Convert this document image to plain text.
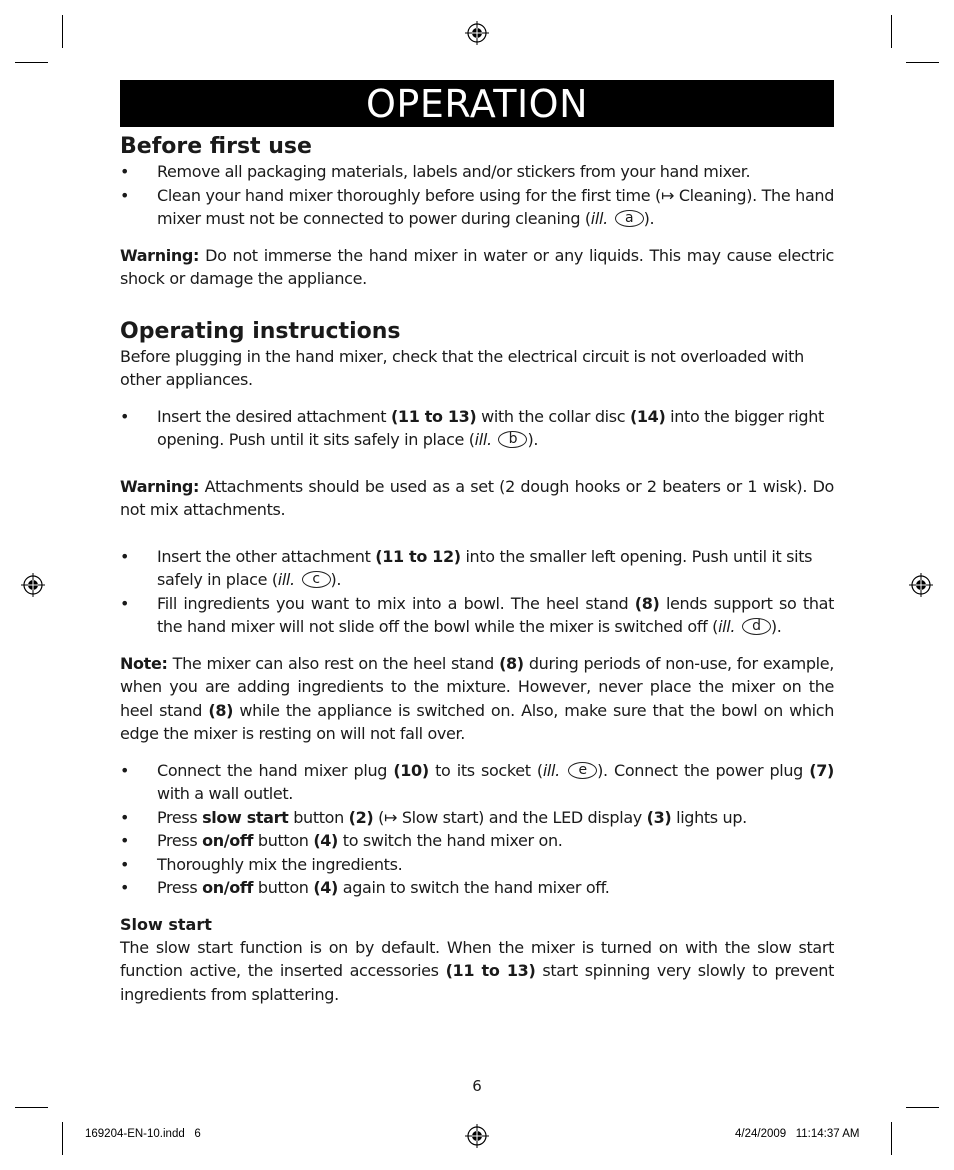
OPERATION
Before first use
• Remove all packaging materials, labels and/or stickers from your hand mixer.
• Clean your hand mixer thoroughly before using for the first time (↦ Cleaning). The hand mixer must not be connected to power during cleaning (ill. a ).

Warning: Do not immerse the hand mixer in water or any liquids. This may cause electric shock or damage the appliance.

Operating instructions

Before plugging in the hand mixer, check that the electrical circuit is not overloaded with other appliances.

• Insert the desired attachment (11 to 13) with the collar disc (14) into the bigger right opening. Push until it sits safely in place (ill. b ).

Warning: Attachments should be used as a set (2 dough hooks or 2 beaters or 1 wisk). Do not mix attachments.

• Insert the other attachment (11 to 12) into the smaller left opening. Push until it sits safely in place (ill. c ).
• Fill ingredients you want to mix into a bowl. The heel stand (8) lends support so that the hand mixer will not slide off the bowl while the mixer is switched off (ill. d ).

Note: The mixer can also rest on the heel stand (8) during periods of non-use, for example, when you are adding ingredients to the mixture. However, never place the mixer on the heel stand (8) while the appliance is switched on. Also, make sure that the bowl on which edge the mixer is resting on will not fall over.

• Connect the hand mixer plug (10) to its socket (ill. e ). Connect the power plug (7) with a wall outlet.
• Press slow start button (2) (↦ Slow start) and the LED display (3) lights up.
• Press on/off button (4) to switch the hand mixer on.
• Thoroughly mix the ingredients.
• Press on/off button (4) again to switch the hand mixer off.
Slow start

The slow start function is on by default. When the mixer is turned on with the slow start function active, the inserted accessories (11 to 13) start spinning very slowly to prevent ingredients from splattering.

6
169204-EN-10.indd   6	4/24/2009   11:14:37 AM
